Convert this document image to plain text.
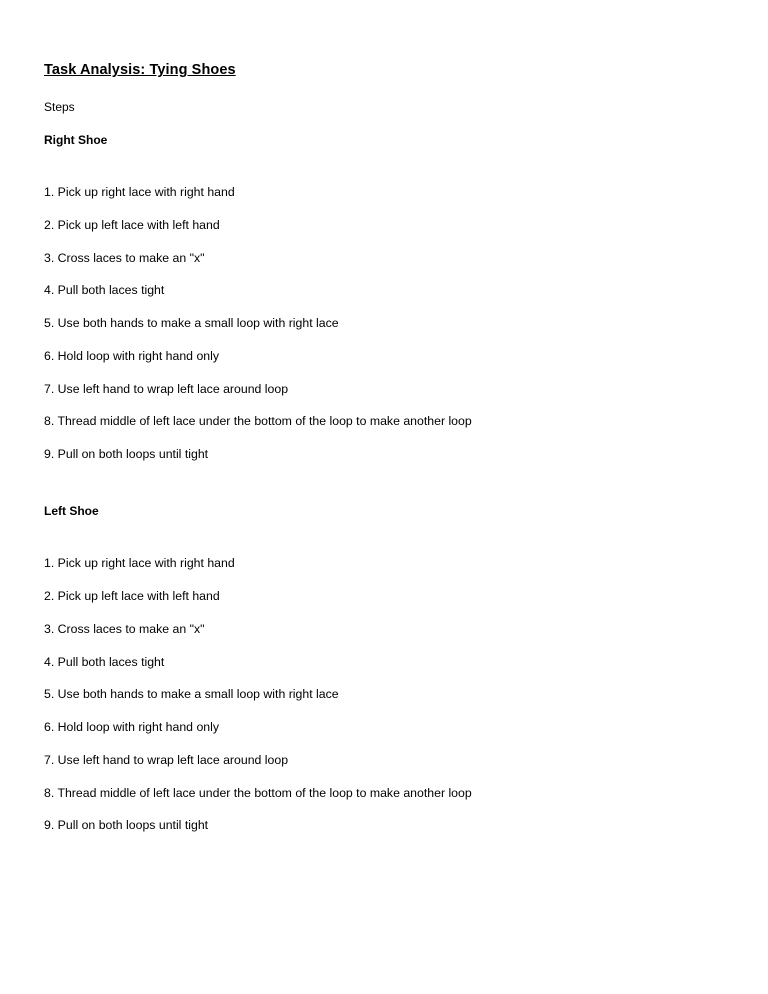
Task Analysis: Tying Shoes
Steps
Right Shoe
1. Pick up right lace with right hand
2. Pick up left lace with left hand
3. Cross laces to make an "x"
4. Pull both laces tight
5. Use both hands to make a small loop with right lace
6. Hold loop with right hand only
7. Use left hand to wrap left lace around loop
8. Thread middle of left lace under the bottom of the loop to make another loop
9. Pull on both loops until tight
Left Shoe
1. Pick up right lace with right hand
2. Pick up left lace with left hand
3. Cross laces to make an "x"
4. Pull both laces tight
5. Use both hands to make a small loop with right lace
6. Hold loop with right hand only
7. Use left hand to wrap left lace around loop
8. Thread middle of left lace under the bottom of the loop to make another loop
9. Pull on both loops until tight
